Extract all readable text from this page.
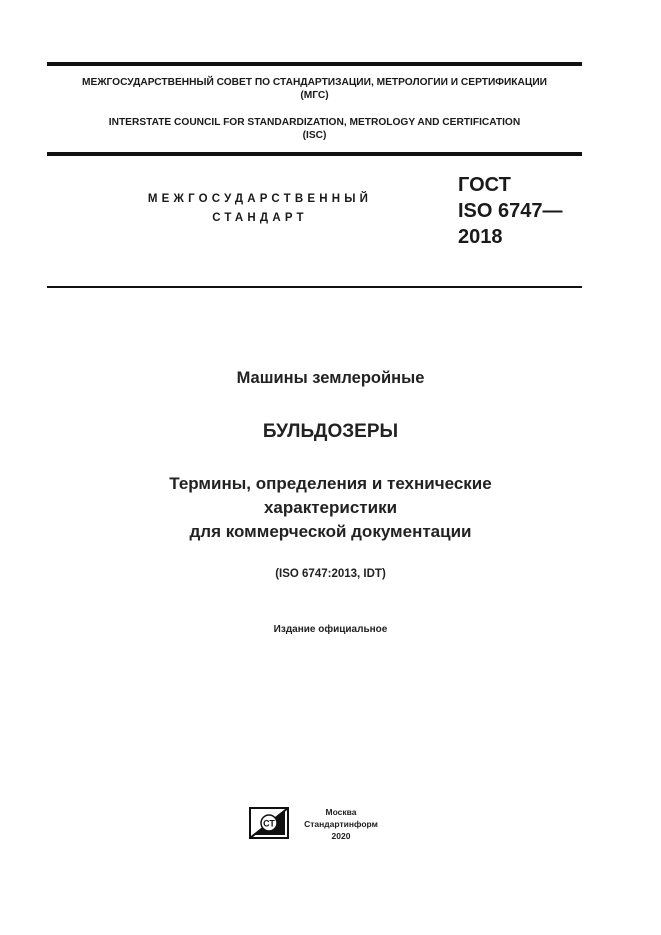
МЕЖГОСУДАРСТВЕННЫЙ СОВЕТ ПО СТАНДАРТИЗАЦИИ, МЕТРОЛОГИИ И СЕРТИФИКАЦИИ
(МГС)
INTERSTATE COUNCIL FOR STANDARDIZATION, METROLOGY AND CERTIFICATION
(ISC)
МЕЖГОСУДАРСТВЕННЫЙ
СТАНДАРТ
ГОСТ
ISO 6747—
2018
Машины землеройные
БУЛЬДОЗЕРЫ
Термины, определения и технические
характеристики
для коммерческой документации
(ISO 6747:2013, IDT)
Издание официальное
СТ
Москва
Стандартинформ
2020
